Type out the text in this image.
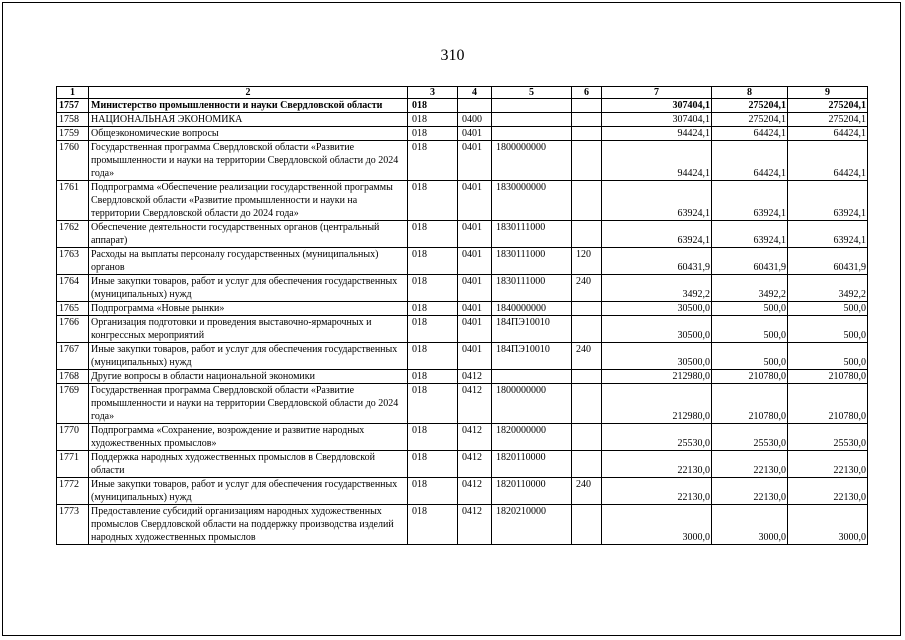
310
1	2	3	4	5	6	7	8	9
1757	Министерство промышленности и науки Свердловской области	018				307404,1	275204,1	275204,1
1758	НАЦИОНАЛЬНАЯ ЭКОНОМИКА	018	0400			307404,1	275204,1	275204,1
1759	Общеэкономические вопросы	018	0401			94424,1	64424,1	64424,1
1760	Государственная программа Свердловской области «Развитие промышленности и науки на территории Свердловской области до 2024 года»	018	0401	1800000000		94424,1	64424,1	64424,1
1761	Подпрограмма «Обеспечение реализации государственной программы Свердловской области «Развитие промышленности и науки на территории Свердловской области до 2024 года»	018	0401	1830000000		63924,1	63924,1	63924,1
1762	Обеспечение деятельности государственных органов (центральный аппарат)	018	0401	1830111000		63924,1	63924,1	63924,1
1763	Расходы на выплаты персоналу государственных (муниципальных) органов	018	0401	1830111000	120	60431,9	60431,9	60431,9
1764	Иные закупки товаров, работ и услуг для обеспечения государственных (муниципальных) нужд	018	0401	1830111000	240	3492,2	3492,2	3492,2
1765	Подпрограмма «Новые рынки»	018	0401	1840000000		30500,0	500,0	500,0
1766	Организация подготовки и проведения выставочно-ярмарочных и конгрессных мероприятий	018	0401	184ПЭ10010		30500,0	500,0	500,0
1767	Иные закупки товаров, работ и услуг для обеспечения государственных (муниципальных) нужд	018	0401	184ПЭ10010	240	30500,0	500,0	500,0
1768	Другие вопросы в области национальной экономики	018	0412			212980,0	210780,0	210780,0
1769	Государственная программа Свердловской области «Развитие промышленности и науки на территории Свердловской области до 2024 года»	018	0412	1800000000		212980,0	210780,0	210780,0
1770	Подпрограмма «Сохранение, возрождение и развитие народных художественных промыслов»	018	0412	1820000000		25530,0	25530,0	25530,0
1771	Поддержка народных художественных промыслов в Свердловской области	018	0412	1820110000		22130,0	22130,0	22130,0
1772	Иные закупки товаров, работ и услуг для обеспечения государственных (муниципальных) нужд	018	0412	1820110000	240	22130,0	22130,0	22130,0
1773	Предоставление субсидий организациям народных художественных промыслов Свердловской области на поддержку производства изделий народных художественных промыслов	018	0412	1820210000		3000,0	3000,0	3000,0
